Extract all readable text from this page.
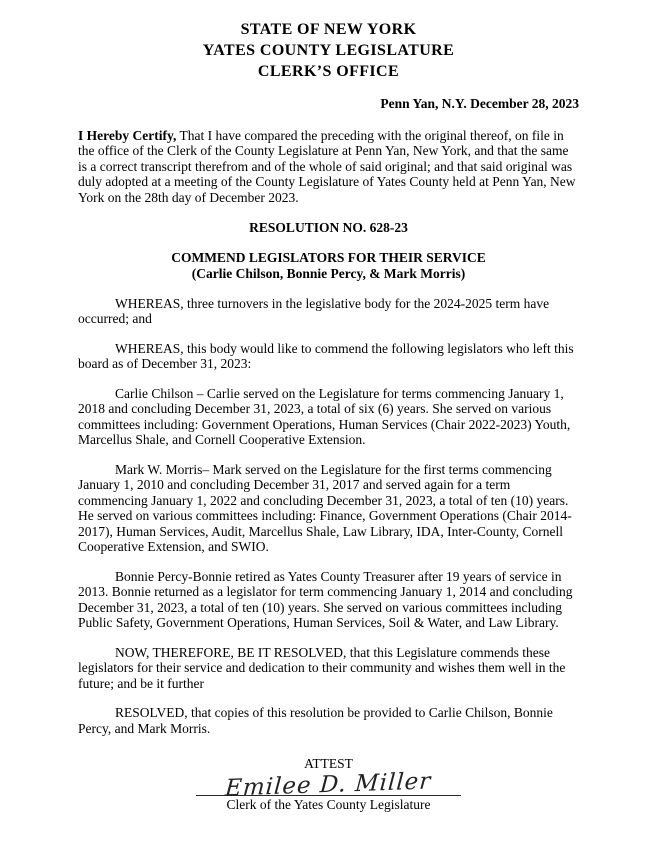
STATE OF NEW YORK
YATES COUNTY LEGISLATURE
CLERK’S OFFICE
Penn Yan, N.Y. December 28, 2023
I Hereby Certify, That I have compared the preceding with the original thereof, on file in the office of the Clerk of the County Legislature at Penn Yan, New York, and that the same is a correct transcript therefrom and of the whole of said original; and that said original was duly adopted at a meeting of the County Legislature of Yates County held at Penn Yan, New York on the 28th day of December 2023.
RESOLUTION NO. 628-23
COMMEND LEGISLATORS FOR THEIR SERVICE
(Carlie Chilson, Bonnie Percy, & Mark Morris)
WHEREAS, three turnovers in the legislative body for the 2024-2025 term have occurred; and
WHEREAS, this body would like to commend the following legislators who left this board as of December 31, 2023:
Carlie Chilson – Carlie served on the Legislature for terms commencing January 1, 2018 and concluding December 31, 2023, a total of six (6) years. She served on various committees including: Government Operations, Human Services (Chair 2022-2023) Youth, Marcellus Shale, and Cornell Cooperative Extension.
Mark W. Morris– Mark served on the Legislature for the first terms commencing January 1, 2010 and concluding December 31, 2017 and served again for a term commencing January 1, 2022 and concluding December 31, 2023, a total of ten (10) years. He served on various committees including: Finance, Government Operations (Chair 2014-2017), Human Services, Audit, Marcellus Shale, Law Library, IDA, Inter-County, Cornell Cooperative Extension, and SWIO.
Bonnie Percy-Bonnie retired as Yates County Treasurer after 19 years of service in 2013. Bonnie returned as a legislator for term commencing January 1, 2014 and concluding December 31, 2023, a total of ten (10) years. She served on various committees including Public Safety, Government Operations, Human Services, Soil & Water, and Law Library.
NOW, THEREFORE, BE IT RESOLVED, that this Legislature commends these legislators for their service and dedication to their community and wishes them well in the future; and be it further
RESOLVED, that copies of this resolution be provided to Carlie Chilson, Bonnie Percy, and Mark Morris.
ATTEST
Emilee D. Miller
Clerk of the Yates County Legislature
